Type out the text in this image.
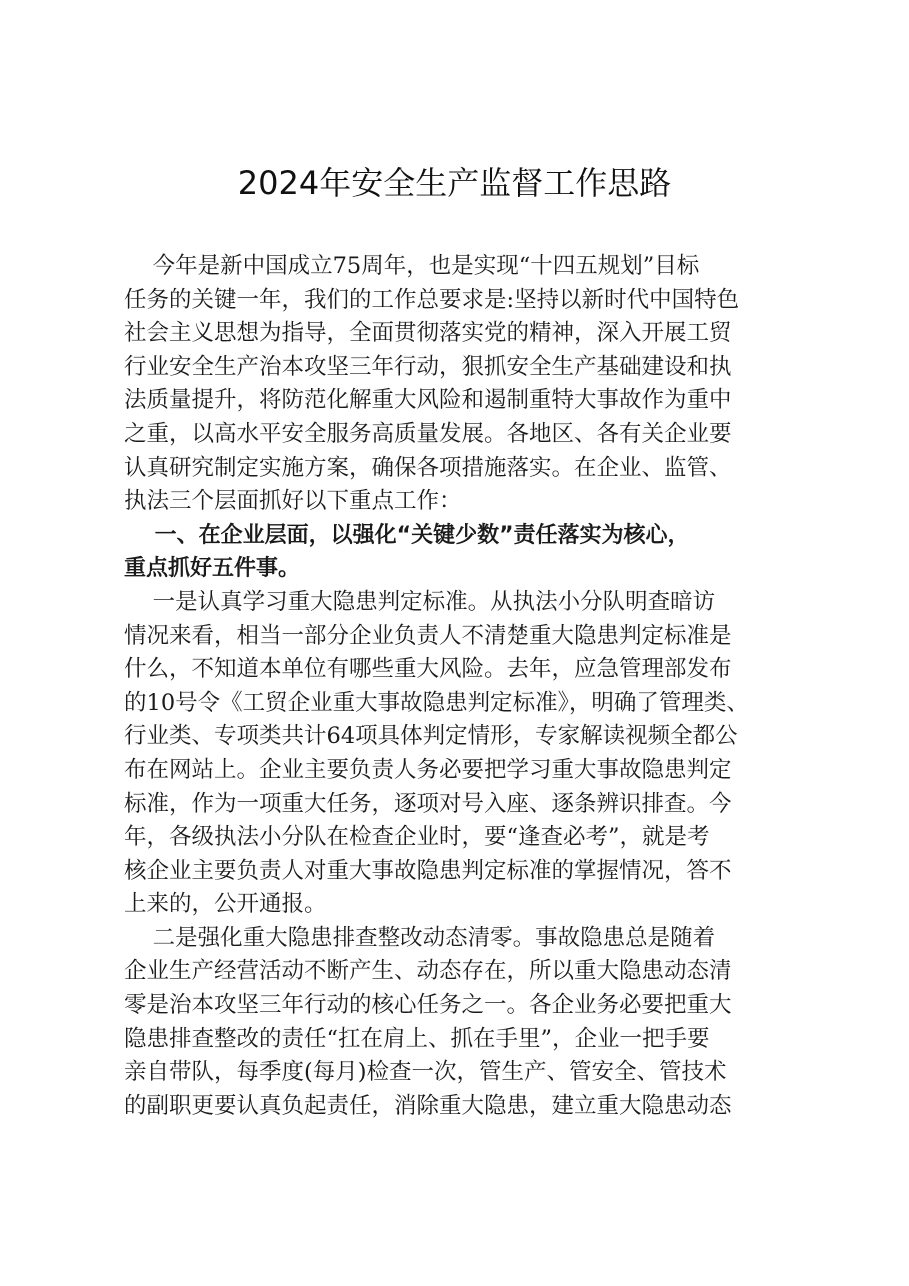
2024年安全生产监督工作思路
今年是新中国成立75周年，也是实现“十四五规划”目标
任务的关键一年，我们的工作总要求是:坚持以新时代中国特色
社会主义思想为指导，全面贯彻落实党的精神，深入开展工贸
行业安全生产治本攻坚三年行动，狠抓安全生产基础建设和执
法质量提升，将防范化解重大风险和遏制重特大事故作为重中
之重，以高水平安全服务高质量发展。各地区、各有关企业要
认真研究制定实施方案，确保各项措施落实。在企业、监管、
执法三个层面抓好以下重点工作：
一、在企业层面，以强化“关键少数”责任落实为核心，
重点抓好五件事。
一是认真学习重大隐患判定标准。从执法小分队明查暗访
情况来看，相当一部分企业负责人不清楚重大隐患判定标准是
什么，不知道本单位有哪些重大风险。去年，应急管理部发布
的10号令《工贸企业重大事故隐患判定标准》，明确了管理类、
行业类、专项类共计64项具体判定情形，专家解读视频全都公
布在网站上。企业主要负责人务必要把学习重大事故隐患判定
标准，作为一项重大任务，逐项对号入座、逐条辨识排查。今
年，各级执法小分队在检查企业时，要“逢查必考”，就是考
核企业主要负责人对重大事故隐患判定标准的掌握情况，答不
上来的，公开通报。
二是强化重大隐患排查整改动态清零。事故隐患总是随着
企业生产经营活动不断产生、动态存在，所以重大隐患动态清
零是治本攻坚三年行动的核心任务之一。各企业务必要把重大
隐患排查整改的责任“扛在肩上、抓在手里”，企业一把手要
亲自带队，每季度(每月)检查一次，管生产、管安全、管技术
的副职更要认真负起责任，消除重大隐患，建立重大隐患动态
